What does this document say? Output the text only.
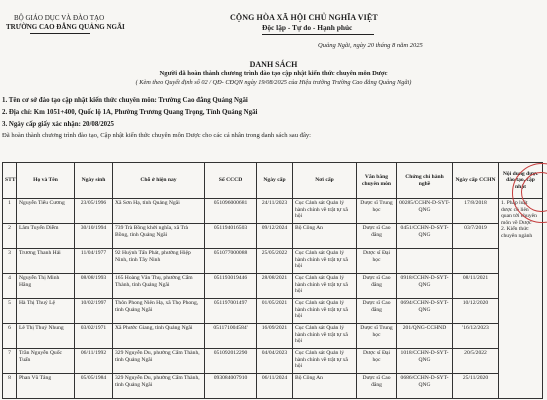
BỘ GIÁO DỤC VÀ ĐÀO TẠO
TRƯỜNG CAO ĐẲNG QUẢNG NGÃI
CỘNG HÒA XÃ HỘI CHỦ NGHĨA VIỆT
Độc lập - Tự do - Hạnh phúc
Quảng Ngãi, ngày 20 tháng 8 năm 2025
DANH SÁCH
Người đã hoàn thành chương trình đào tạo cập nhật kiến thức chuyên môn Dược
( Kèm theo Quyết định số 02 / QĐ- CĐQN ngày 19/08/2025 của Hiệu trưởng Trường Cao đẳng Quảng Ngãi)
1. Tên cơ sở đào tạo cập nhật kiến thức chuyên môn: Trường Cao đẳng Quảng Ngãi
2. Địa chỉ: Km 1051+400, Quốc lộ 1A, Phường Trương Quang Trọng, Tỉnh Quảng Ngãi
3. Ngày cấp giấy xác nhận: 20/08/2025
Đã hoàn thành chương trình đào tạo, Cập nhật kiến thức chuyên môn Dược cho các cá nhân trong danh sách sau đây:
STT	Họ và Tên	Ngày sinh	Chỗ ở hiện nay	Số CCCD	Ngày cấp	Nơi cấp	Văn bằng chuyên môn	Chứng chỉ hành nghề	Ngày cấp CCHN	Nội dung được đào tạo, cập nhật
1	Nguyễn Tiểu Cương	23/05/1996	Xã Sơn Hạ, tỉnh Quảng Ngãi	051096000681	24/11/2023	Cục Cảnh sát Quản lý hành chính về trật tự xã hội	Dược sĩ Trung học	00285/CCHN-D-SYT-QNG	17/8/2018	1. Pháp luật dược có liên quan tới chuyên môn về Dược
2. Kiến thức chuyên ngành
2	Lâm Tuyến Diễm	30/10/1994	739 Trà Bồng khởi nghĩa, xã Trà Bồng, tỉnh Quảng Ngãi	051194016503	09/12/2024	Bộ Công An	Dược sĩ Cao đẳng	0451/CCHN-D-SYT-QNG	03/7/2019	
3	Trương Thanh Hải	11/04/1977	92 Huỳnh Tấn Phát, phường Hiệp Ninh, tỉnh Tây Ninh	051077000088	25/05/2022	Cục Cảnh sát Quản lý hành chính về trật tự xã hội	Dược sĩ Đại học			
4	Nguyễn Thị Minh Hằng	08/08/1993	165 Hoàng Văn Thụ, phường Cẩm Thành, tỉnh Quảng Ngãi	051193019446	28/08/2021	Cục Cảnh sát Quản lý hành chính về trật tự xã hội	Dược sĩ Cao đẳng	0918/CCHN-D-SYT-QNG	08/11/2021	
5	Hà Thị Thuý Lệ	10/02/1997	Thôn Phong Niên Hạ, xã Thọ Phong, tỉnh Quảng Ngãi	051197001497	01/05/2021	Cục Cảnh sát Quản lý hành chính về trật tự xã hội	Dược sĩ Cao đẳng	0694/CCHN-D-SYT-QNG	10/12/2020	
6	Lê Thị Thuý Nhung	03/02/1971	Xã Phước Giang, tỉnh Quảng Ngãi	051171004584'	16/09/2021	Cục Cảnh sát Quản lý hành chính về trật tự xã hội	Dược sĩ Trung học	201/QNG-CCHND	'16/12/2023	
7	Trần Nguyễn Quốc Tuấn	06/11/1992	329 Nguyễn Du, phường Cẩm Thành, tỉnh Quảng Ngãi	051092012290	04/04/2023	Cục Cảnh sát Quản lý hành chính về trật tự xã hội	Dược sĩ Đại học	1018/CCHN-D-SYT-QNG	20/5/2022	
8	Phan Vũ Tâng	05/05/1984	329 Nguyễn Du, phường Cẩm Thành, tỉnh Quảng Ngãi	093084007910	06/11/2024	Bộ Công An	Dược sĩ Cao đẳng	0686/CCHN-D-SYT-QNG	25/11/2020	
